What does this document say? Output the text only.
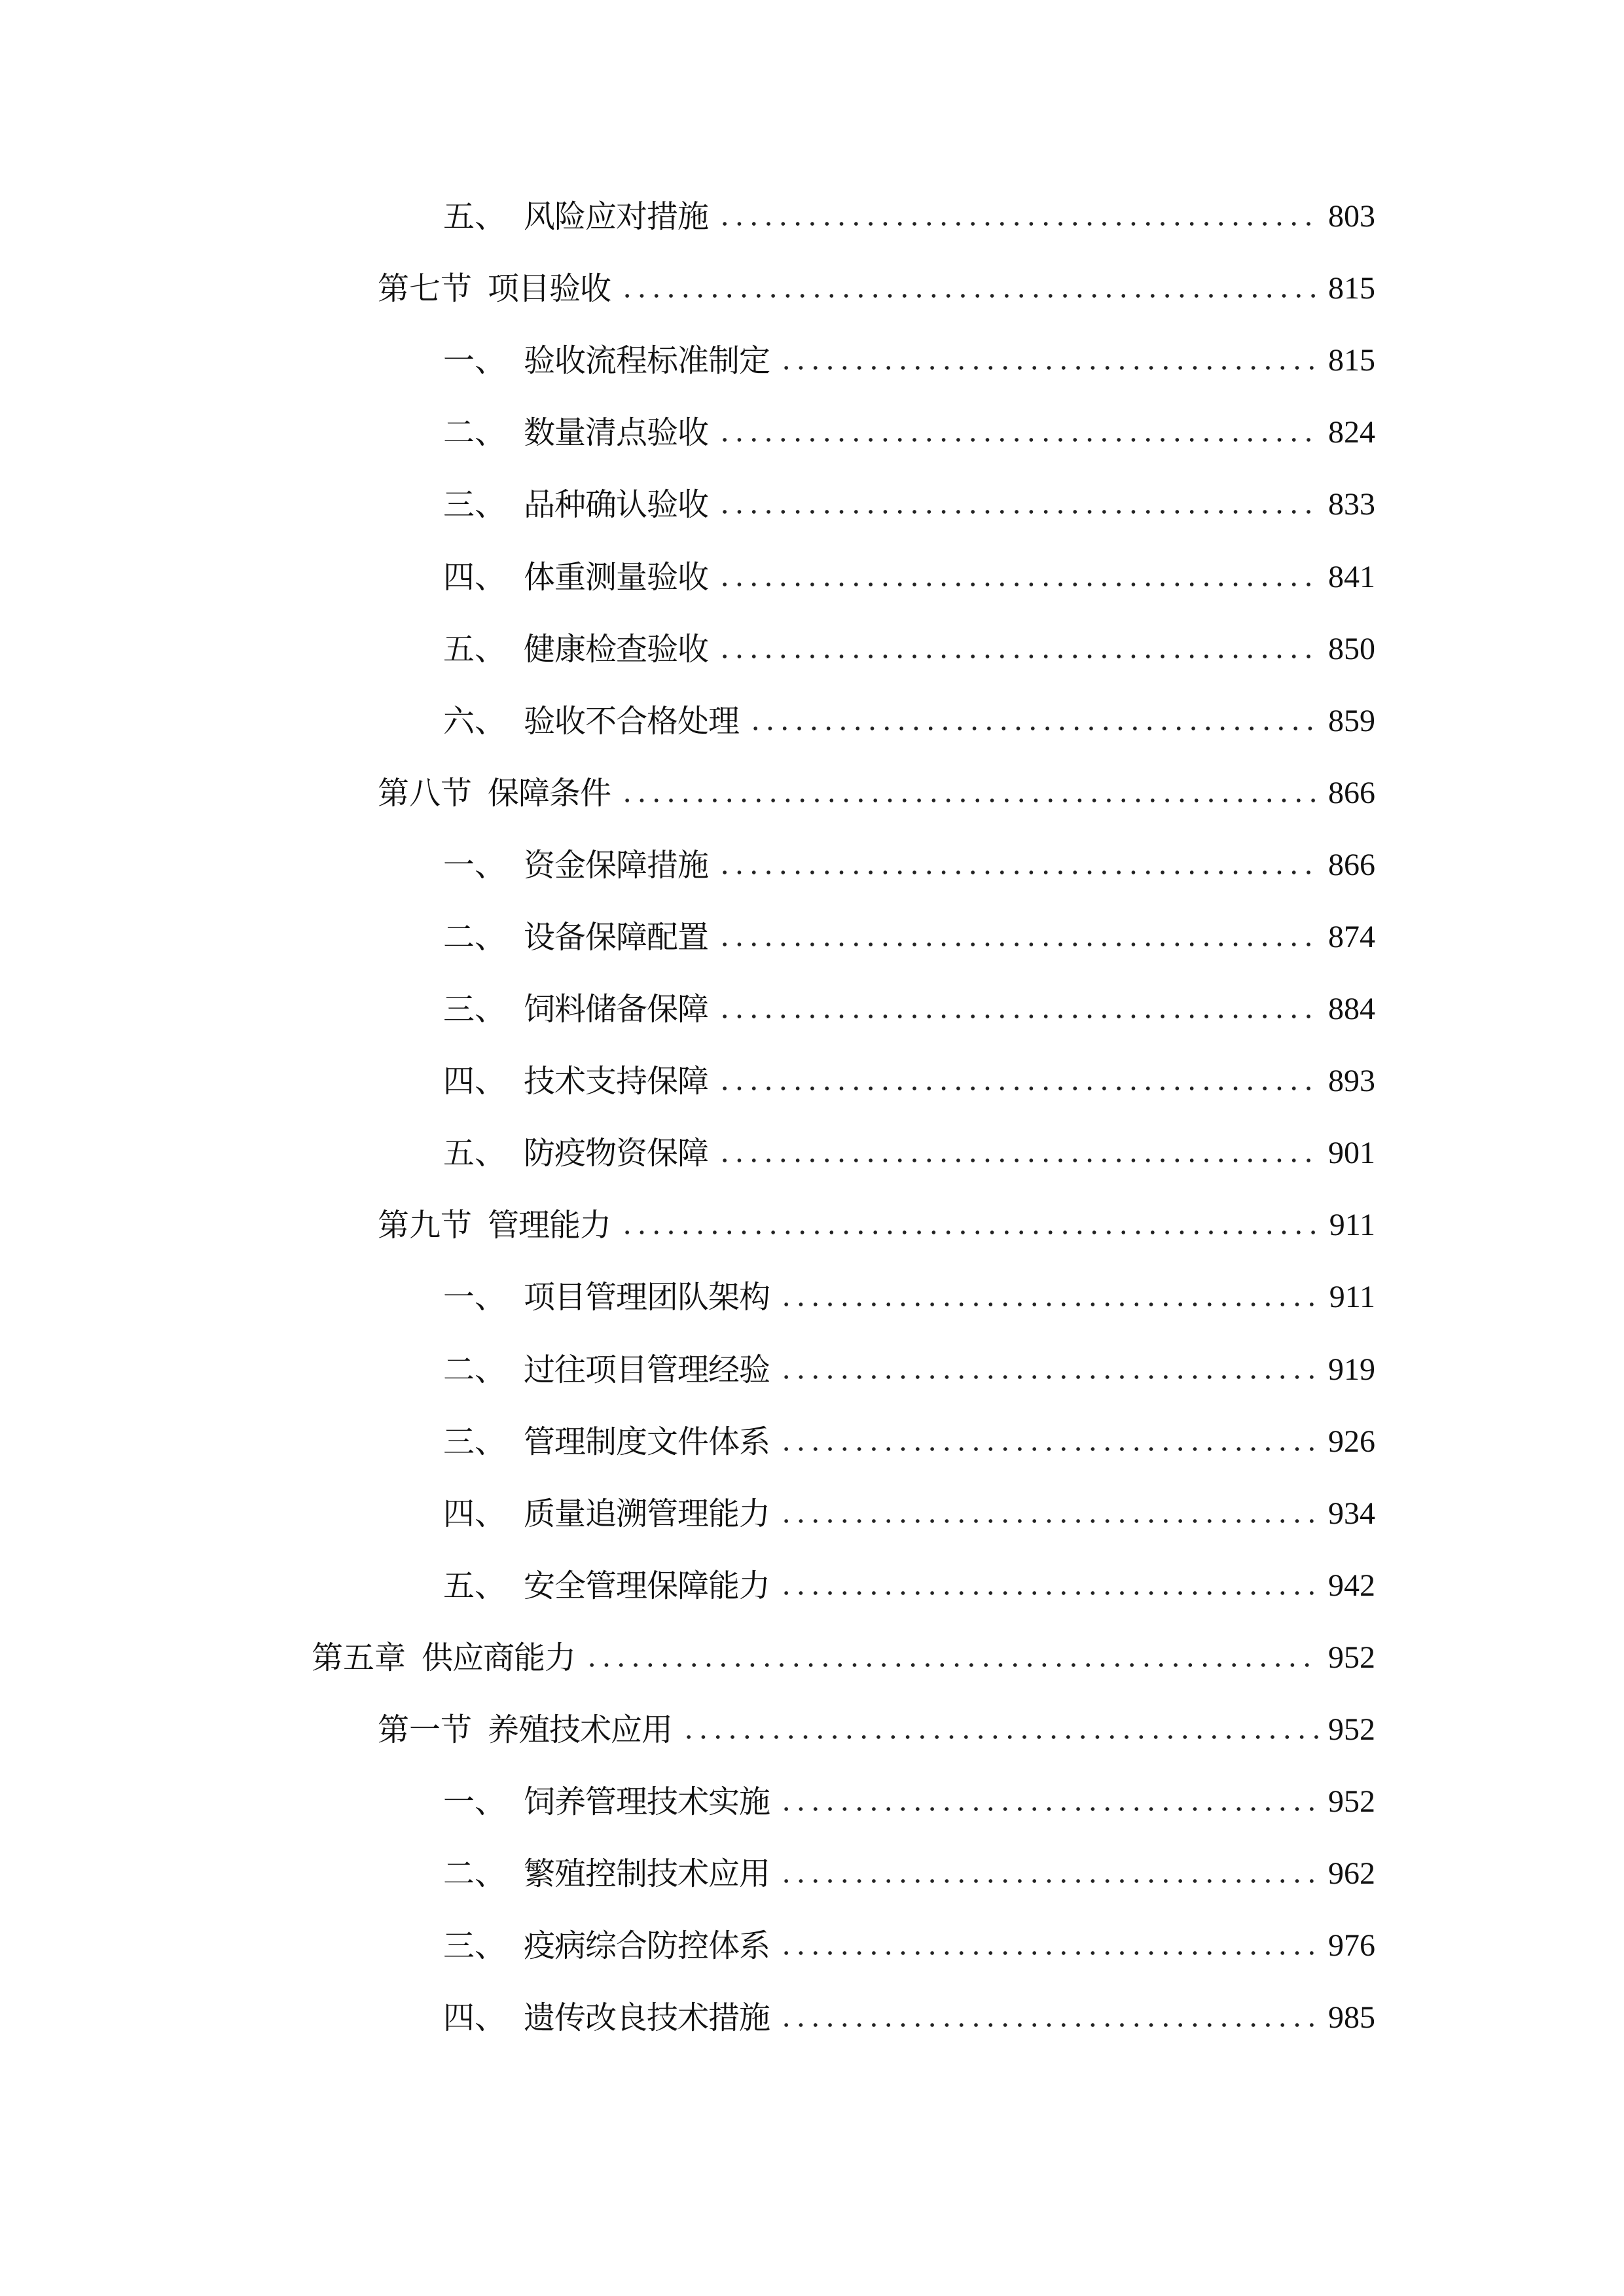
五、 风险应对措施	803
第七节 项目验收	815
一、 验收流程标准制定	815
二、 数量清点验收	824
三、 品种确认验收	833
四、 体重测量验收	841
五、 健康检查验收	850
六、 验收不合格处理	859
第八节 保障条件	866
一、 资金保障措施	866
二、 设备保障配置	874
三、 饲料储备保障	884
四、 技术支持保障	893
五、 防疫物资保障	901
第九节 管理能力	911
一、 项目管理团队架构	911
二、 过往项目管理经验	919
三、 管理制度文件体系	926
四、 质量追溯管理能力	934
五、 安全管理保障能力	942
第五章 供应商能力	952
第一节 养殖技术应用	952
一、 饲养管理技术实施	952
二、 繁殖控制技术应用	962
三、 疫病综合防控体系	976
四、 遗传改良技术措施	985
